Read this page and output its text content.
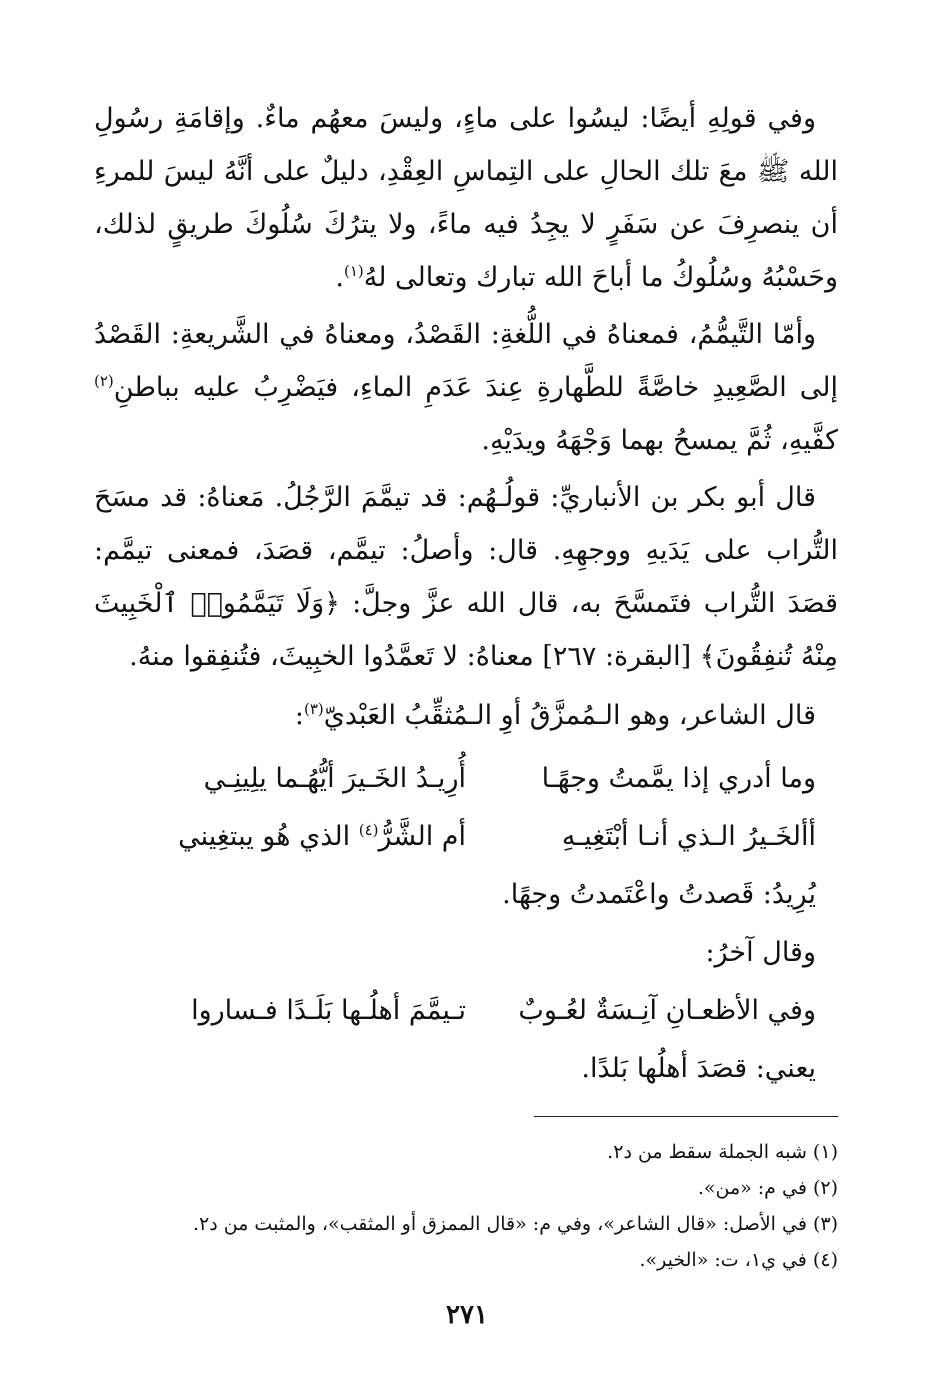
وفي قولِهِ أيضًا: ليسُوا على ماءٍ، وليسَ معهُم ماءٌ. وإقامَةِ رسُولِ الله ﷺ معَ تلك الحالِ على التِماسِ العِقْدِ، دليلٌ على أنَّهُ ليسَ للمرءِ أن ينصرِفَ عن سَفَرٍ لا يجِدُ فيه ماءً، ولا يترُكَ سُلُوكَ طريقٍ لذلك، وحَسْبُهُ وسُلُوكُ ما أباحَ الله تبارك وتعالى لهُ$^{(١)}$.

وأمّا التَّيمُّمُ، فمعناهُ في اللُّغةِ: القَصْدُ، ومعناهُ في الشَّريعةِ: القَصْدُ إلى الصَّعِيدِ خاصَّةً للطَّهارةِ عِندَ عَدَمِ الماءِ، فيَضْرِبُ عليه بباطنِ$^{(٢)}$ كفَّيهِ، ثُمَّ يمسحُ بهما وَجْهَهُ ويدَيْهِ.

قال أبو بكر بن الأنباريِّ: قولُـهُم: قد تيمَّمَ الرَّجُلُ. مَعناهُ: قد مسَحَ التُّراب على يَدَيهِ ووجهِهِ. قال: وأصلُ: تيمَّم، قصَدَ، فمعنى تيمَّم: قصَدَ التُّراب فتَمسَّحَ به، قال الله عزَّ وجلَّ: ﴿وَلَا تَيَمَّمُوا۟ ٱلْخَبِيثَ مِنْهُ تُنفِقُونَ﴾ [البقرة: ٢٦٧] معناهُ: لا تَعمَّدُوا الخبِيثَ، فتُنفِقوا منهُ.

قال الشاعر، وهو الـمُمزَّقُ أوِ الـمُثقِّبُ العَبْديّ$^{(٣)}$:

وما أدري إذا يمَّمتُ وجهًـا
أُرِيـدُ الخَـيرَ أيُّهُـما يلِينِـي
أألخَـيرُ الـذي أنـا أبْتَغِيـهِ
أم الشَّرُّ$^{(٤)}$ الذي هُو يبتغِيني

يُرِيدُ: قَصدتُ واعْتَمدتُ وجهًا.

وقال آخرُ:

وفي الأظعـانِ آنِـسَةٌ لعُـوبٌ
تـيمَّمَ أهلُـها بَلَـدًا فـساروا

يعني: قصَدَ أهلُها بَلدًا.

(١) شبه الجملة سقط من د٢.

(٢) في م: «من».

(٣) في الأصل: «قال الشاعر»، وفي م: «قال الممزق أو المثقب»، والمثبت من د٢.

(٤) في ي١، ت: «الخير».

٢٧١
